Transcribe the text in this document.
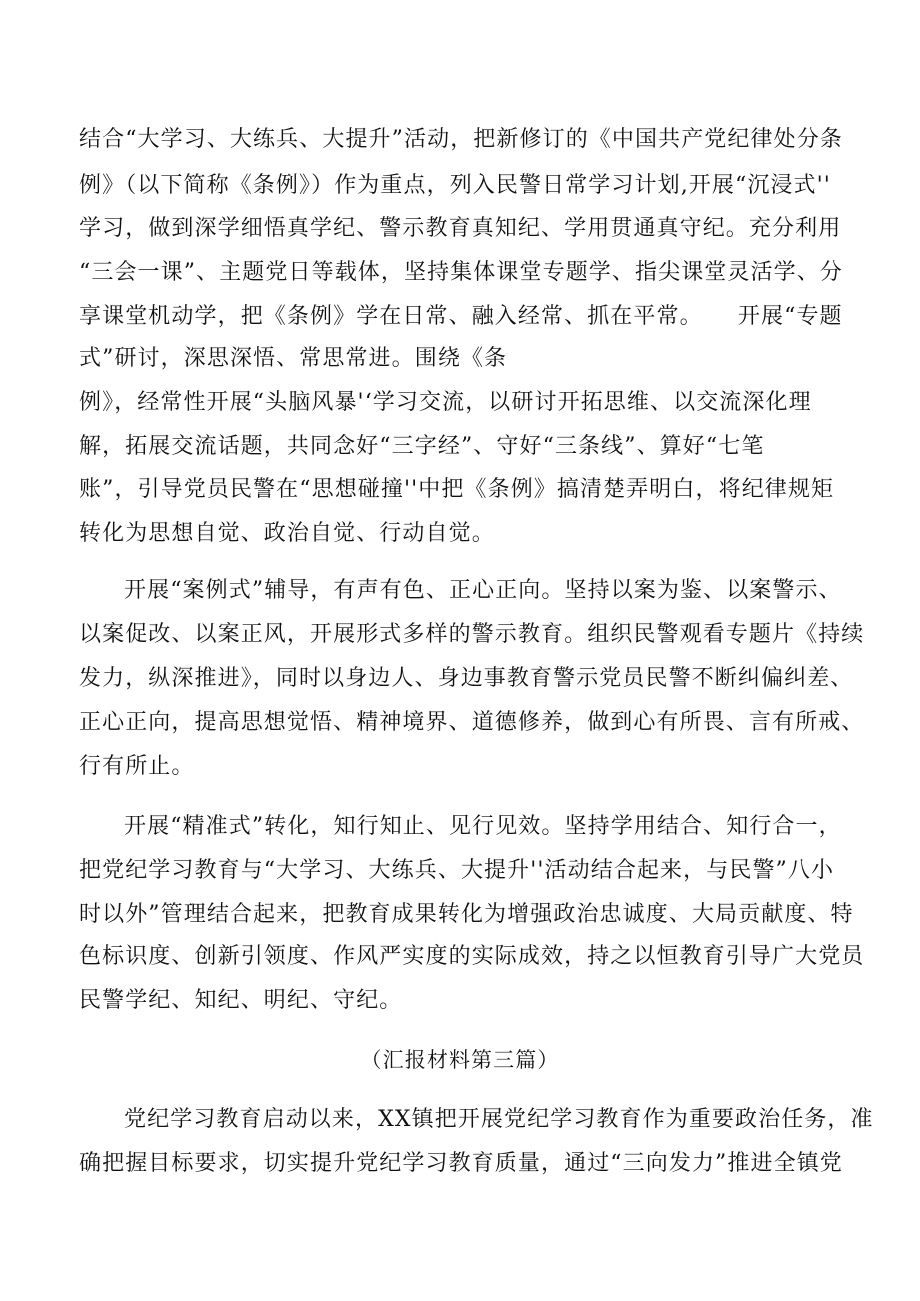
结合“大学习、大练兵、大提升”活动，把新修订的《中国共产党纪律处分条
例》（以下简称《条例》）作为重点，列入民警日常学习计划,开展“沉浸式''
学习，做到深学细悟真学纪、警示教育真知纪、学用贯通真守纪。充分利用
“三会一课”、主题党日等载体，坚持集体课堂专题学、指尖课堂灵活学、分
享课堂机动学，把《条例》学在日常、融入经常、抓在平常。　　开展“专题
式”研讨，深思深悟、常思常进。围绕《条
例》，经常性开展“头脑风暴'‘学习交流，以研讨开拓思维、以交流深化理
解，拓展交流话题，共同念好“三字经”、守好“三条线”、算好“七笔
账”，引导党员民警在“思想碰撞''中把《条例》搞清楚弄明白，将纪律规矩
转化为思想自觉、政治自觉、行动自觉。
开展“案例式”辅导，有声有色、正心正向。坚持以案为鉴、以案警示、
以案促改、以案正风，开展形式多样的警示教育。组织民警观看专题片《持续
发力，纵深推进》，同时以身边人、身边事教育警示党员民警不断纠偏纠差、
正心正向，提高思想觉悟、精神境界、道德修养，做到心有所畏、言有所戒、
行有所止。
开展“精准式”转化，知行知止、见行见效。坚持学用结合、知行合一，
把党纪学习教育与“大学习、大练兵、大提升''活动结合起来，与民警”八小
时以外”管理结合起来，把教育成果转化为增强政治忠诚度、大局贡献度、特
色标识度、创新引领度、作风严实度的实际成效，持之以恒教育引导广大党员
民警学纪、知纪、明纪、守纪。
（汇报材料第三篇）
党纪学习教育启动以来，XX镇把开展党纪学习教育作为重要政治任务，准
确把握目标要求，切实提升党纪学习教育质量，通过“三向发力”推进全镇党
